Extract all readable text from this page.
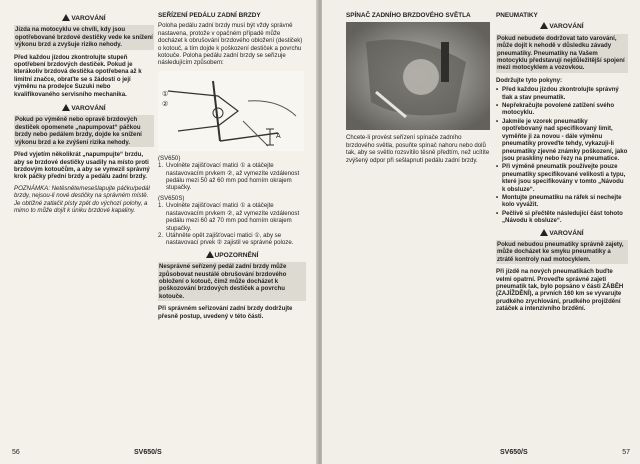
VAROVÁNÍ

Jízda na motocyklu ve chvíli, kdy jsou opotřebované brzdové destičky vede ke snížení výkonu brzd a zvyšuje riziko nehody.

Před každou jízdou zkontrolujte stupeň opotřebení brzdových destiček. Pokud je kterákoliv brzdová destička opotřebena až k limitní značce, obraťte se s žádostí o její výměnu na prodejce Suzuki nebo kvalifikovaného servisního mechanika.

VAROVÁNÍ

Pokud po výměně nebo opravě brzdových destiček opomenete „napumpovat“ páčkou brzdy nebo pedálem brzdy, dojde ke snížení výkonu brzd a ke zvýšení rizika nehody.

Před vyjetím několikrát „napumpujte“ brzdu, aby se brzdové destičky usadily na místo proti brzdovým kotoučům, a aby se vymezil správný krok páčky přední brzdy a pedálu zadní brzdy.

POZNÁMKA: Netěsněte/nesešlapujte páčku/pedál brzdy, nejsou-li nové destičky na správném místě. Je obtížné zatlačit písty zpět do výchozí polohy, a mimo to může dojít k úniku brzdové kapaliny.

SEŘÍZENÍ PEDÁLU ZADNÍ BRZDY

Poloha pedálu zadní brzdy musí být vždy správně nastavena, protože v opačném případě může docházet k obrušování brzdového obložení (destiček) o kotouč, a tím dojde k poškození destiček a povrchu kotouče. Poloha pedálu zadní brzdy se seřizuje následujícím způsobem:

①
②
A
(SV650)
1. Uvolněte zajišťovací matici ① a otáčejte nastavovacím prvkem ②, až vymezíte vzdálenost pedálu mezi 50 až 60 mm pod horním okrajem stupačky.
(SV650S)
1. Uvolněte zajišťovací matici ① a otáčejte nastavovacím prvkem ②, až vymezíte vzdálenost pedálu mezi 60 až 70 mm pod horním okrajem stupačky.
2. Utáhněte opět zajišťovací matici ①, aby se nastavovací prvek ② zajistil ve správné poloze.
UPOZORNĚNÍ

Nesprávné seřízený pedál zadní brzdy může způsobovat neustálé obrušování brzdového obložení o kotouč, čímž může docházet k poškozování brzdových destiček a povrchu kotouče.

Při správném seřizování zadní brzdy dodržujte přesně postup, uvedený v této části.

56	SV650/S
SPÍNAČ ZADNÍHO BRZDOVÉHO SVĚTLA

Chcete-li provést seřízení spínače zadního brzdového světla, posuňte spínač nahoru nebo dolů tak, aby se světlo rozsvítilo těsně předtím, než ucítíte zvýšený odpor při sešlapnutí pedálu zadní brzdy.

PNEUMATIKY
VAROVÁNÍ

Pokud nebudete dodržovat tato varování, může dojít k nehodě v důsledku závady pneumatiky. Pneumatiky na Vašem motocyklu představují nejdůležitější spojení mezi motocyklem a vozovkou.

Dodržujte tyto pokyny:

• Před každou jízdou zkontrolujte správný tlak a stav pneumatik.
• Nepřekračujte povolené zatížení svého motocyklu.
• Jakmile je vzorek pneumatiky opotřebovaný nad specifikovaný limit, vyměňte ji za novou - dále výměnu pneumatiky proveďte tehdy, vykazuji-li pneumatiky zjevné známky poškození, jako jsou praskliny nebo řezy na pneumatice.
• Při výměně pneumatik používejte pouze pneumatiky specifikované velikosti a typu, které jsou specifikovány v tomto „Návodu k obsluze“.
• Montujte pneumatiku na ráfek si nechejte kolo vyvážit.
• Pečlivě si přečtěte následující část tohoto „Návodu k obsluze“.
VAROVÁNÍ

Pokud nebudou pneumatiky správně zajety, může docházet ke smyku pneumatiky a ztrátě kontroly nad motocyklem.

Při jízdě na nových pneumatikách buďte velmi opatrní. Proveďte správné zajetí pneumatik tak, bylo popsáno v části ZÁBĚH (ZAJÍŽDĚNÍ), a prvních 160 km se vyvarujte prudkého zrychlování, prudkého projíždění zatáček a intenzivního brzdění.

SV650/S	57
